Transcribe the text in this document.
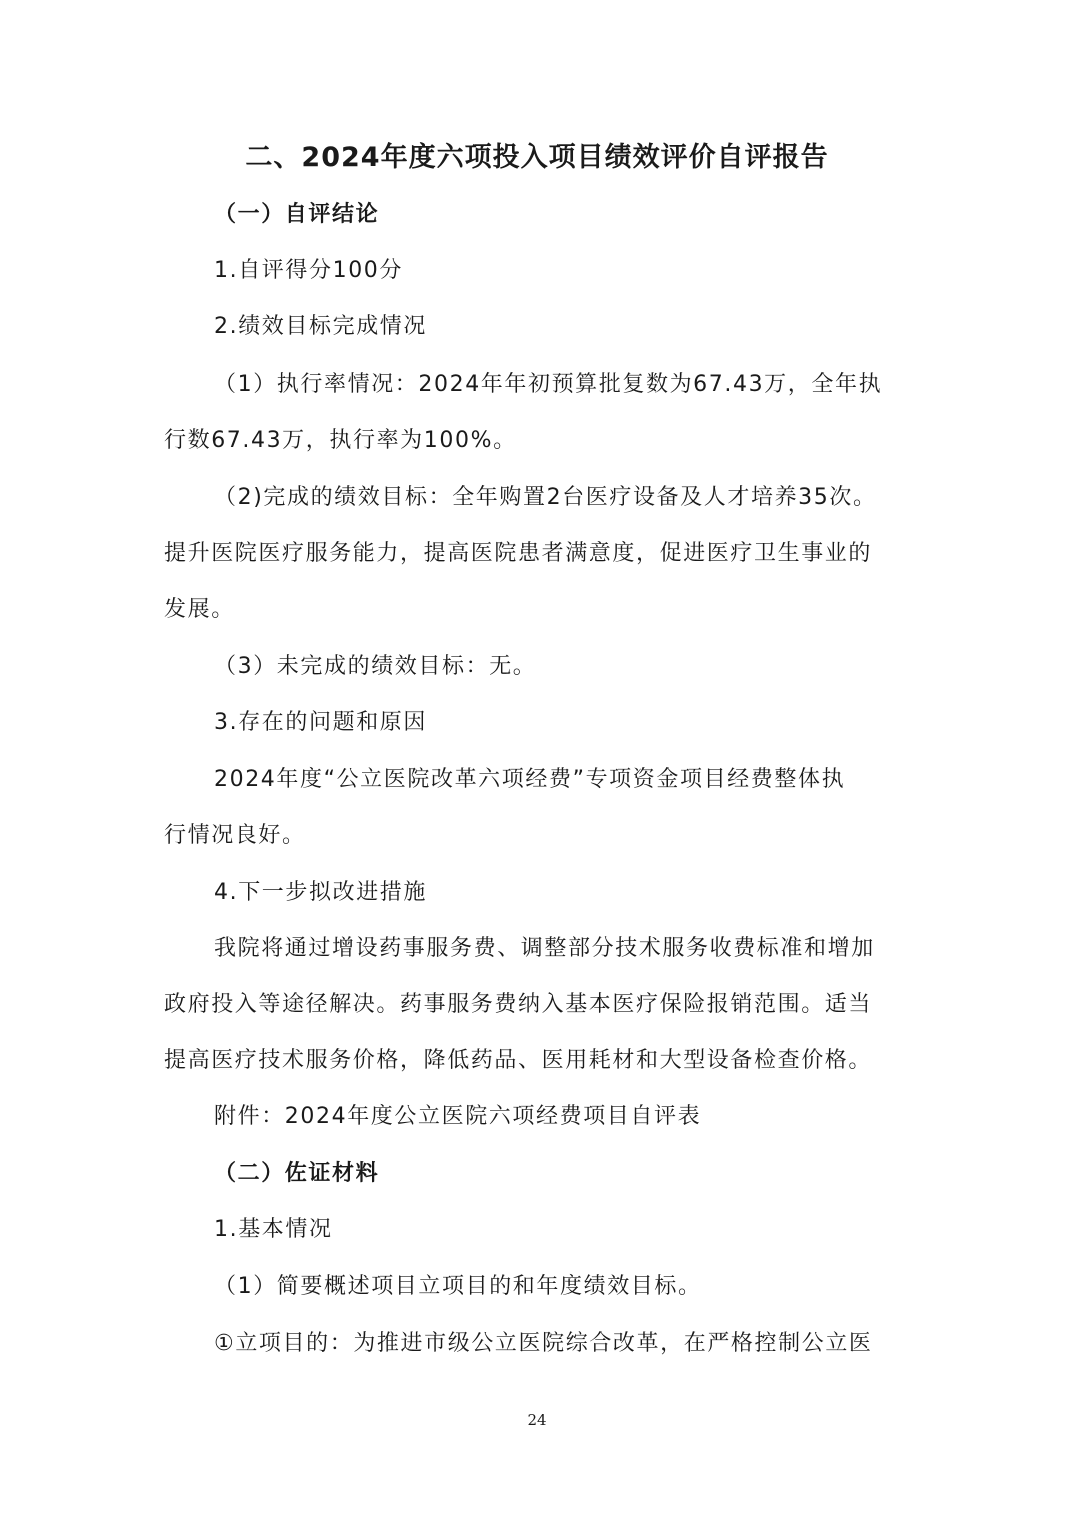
二、2024年度六项投入项目绩效评价自评报告
（一）自评结论
1.自评得分100分
2.绩效目标完成情况
（1）执行率情况：2024年年初预算批复数为67.43万，全年执
行数67.43万，执行率为100%。
（2)完成的绩效目标：全年购置2台医疗设备及人才培养35次。
提升医院医疗服务能力，提高医院患者满意度，促进医疗卫生事业的
发展。
（3）未完成的绩效目标：无。
3.存在的问题和原因
2024年度“公立医院改革六项经费”专项资金项目经费整体执
行情况良好。
4.下一步拟改进措施
我院将通过增设药事服务费、调整部分技术服务收费标准和增加
政府投入等途径解决。药事服务费纳入基本医疗保险报销范围。适当
提高医疗技术服务价格，降低药品、医用耗材和大型设备检查价格。
附件：2024年度公立医院六项经费项目自评表
（二）佐证材料
1.基本情况
（1）简要概述项目立项目的和年度绩效目标。
①立项目的：为推进市级公立医院综合改革，在严格控制公立医
24
